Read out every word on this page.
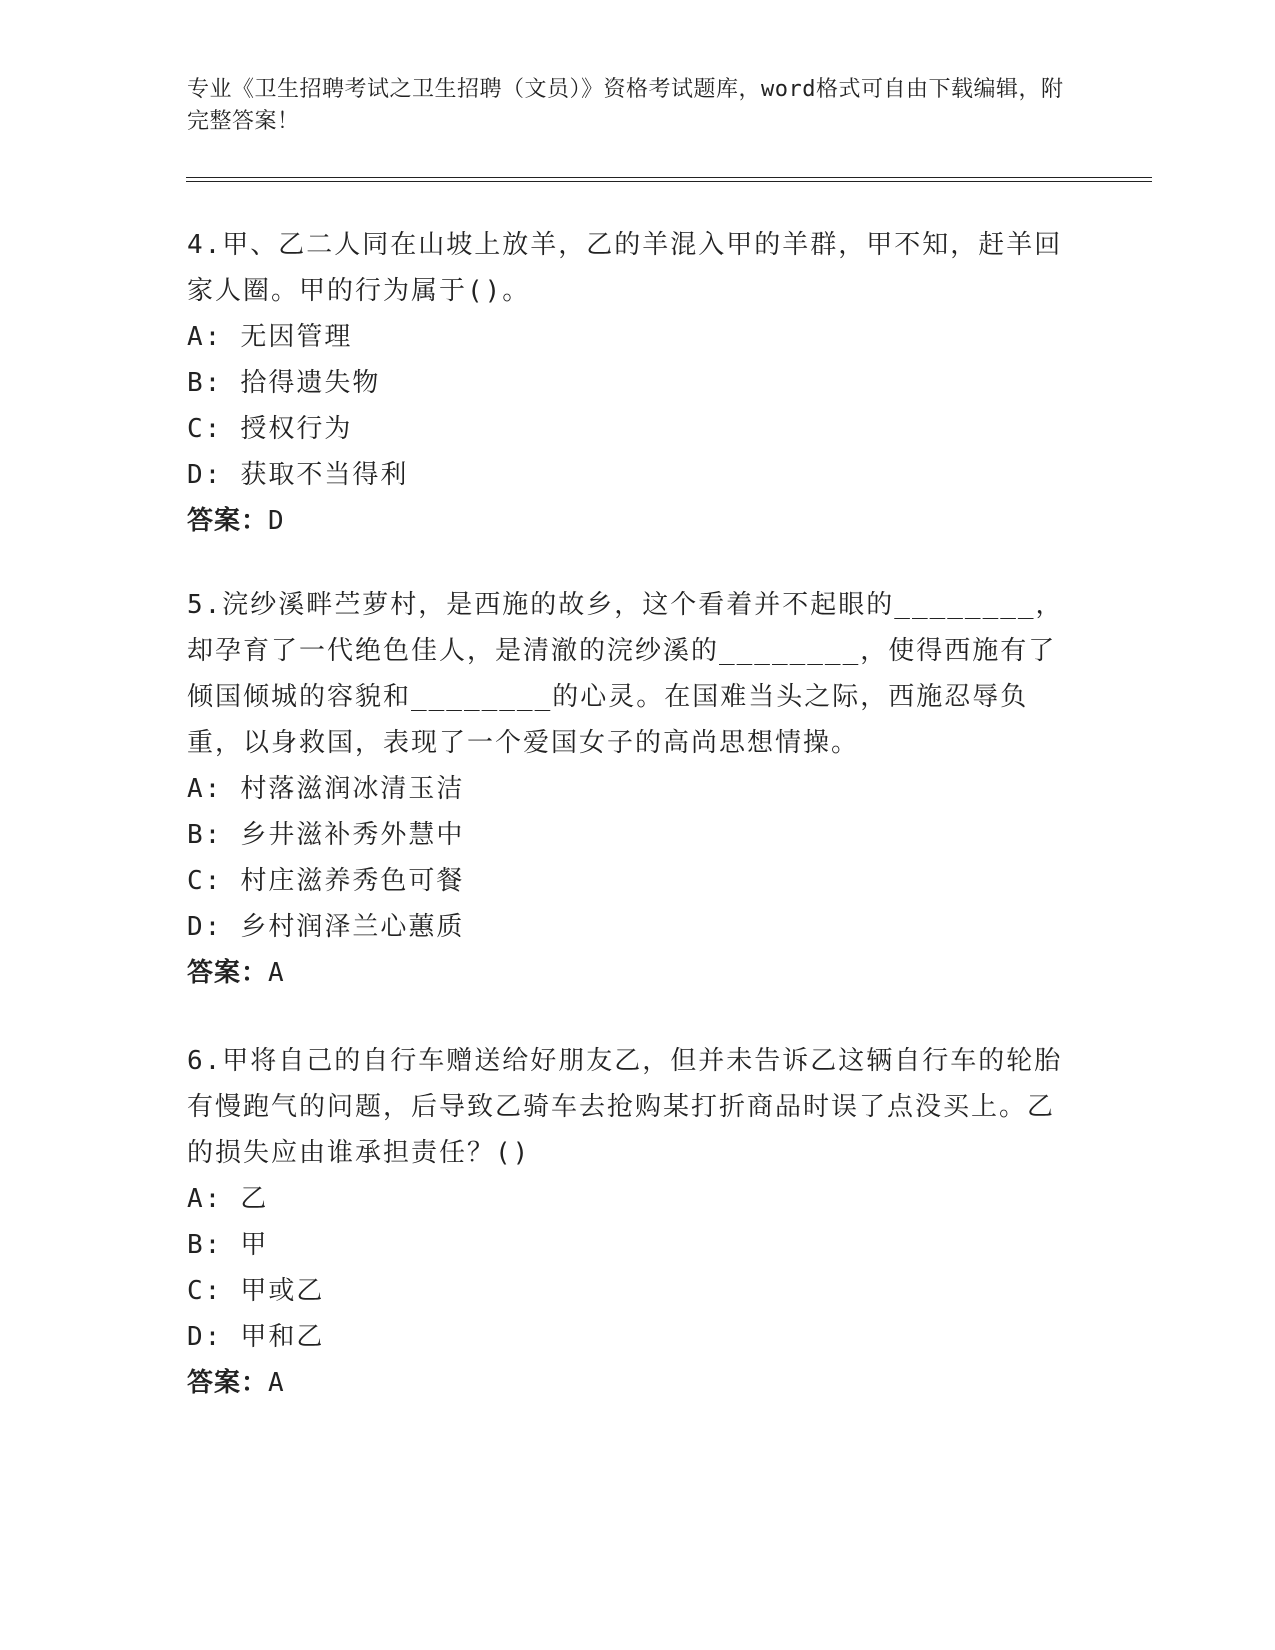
专业《卫生招聘考试之卫生招聘（文员）》资格考试题库，word格式可自由下载编辑，附完整答案！

4.甲、乙二人同在山坡上放羊，乙的羊混入甲的羊群，甲不知，赶羊回家人圈。甲的行为属于()。

A: 无因管理

B: 拾得遗失物

C: 授权行为

D: 获取不当得利

答案：D

5.浣纱溪畔苎萝村，是西施的故乡，这个看着并不起眼的________，却孕育了一代绝色佳人，是清澈的浣纱溪的________，使得西施有了倾国倾城的容貌和________的心灵。在国难当头之际，西施忍辱负重，以身救国，表现了一个爱国女子的高尚思想情操。

A: 村落滋润冰清玉洁

B: 乡井滋补秀外慧中

C: 村庄滋养秀色可餐

D: 乡村润泽兰心蕙质

答案：A

6.甲将自己的自行车赠送给好朋友乙，但并未告诉乙这辆自行车的轮胎有慢跑气的问题，后导致乙骑车去抢购某打折商品时误了点没买上。乙的损失应由谁承担责任？()

A: 乙

B: 甲

C: 甲或乙

D: 甲和乙

答案：A
